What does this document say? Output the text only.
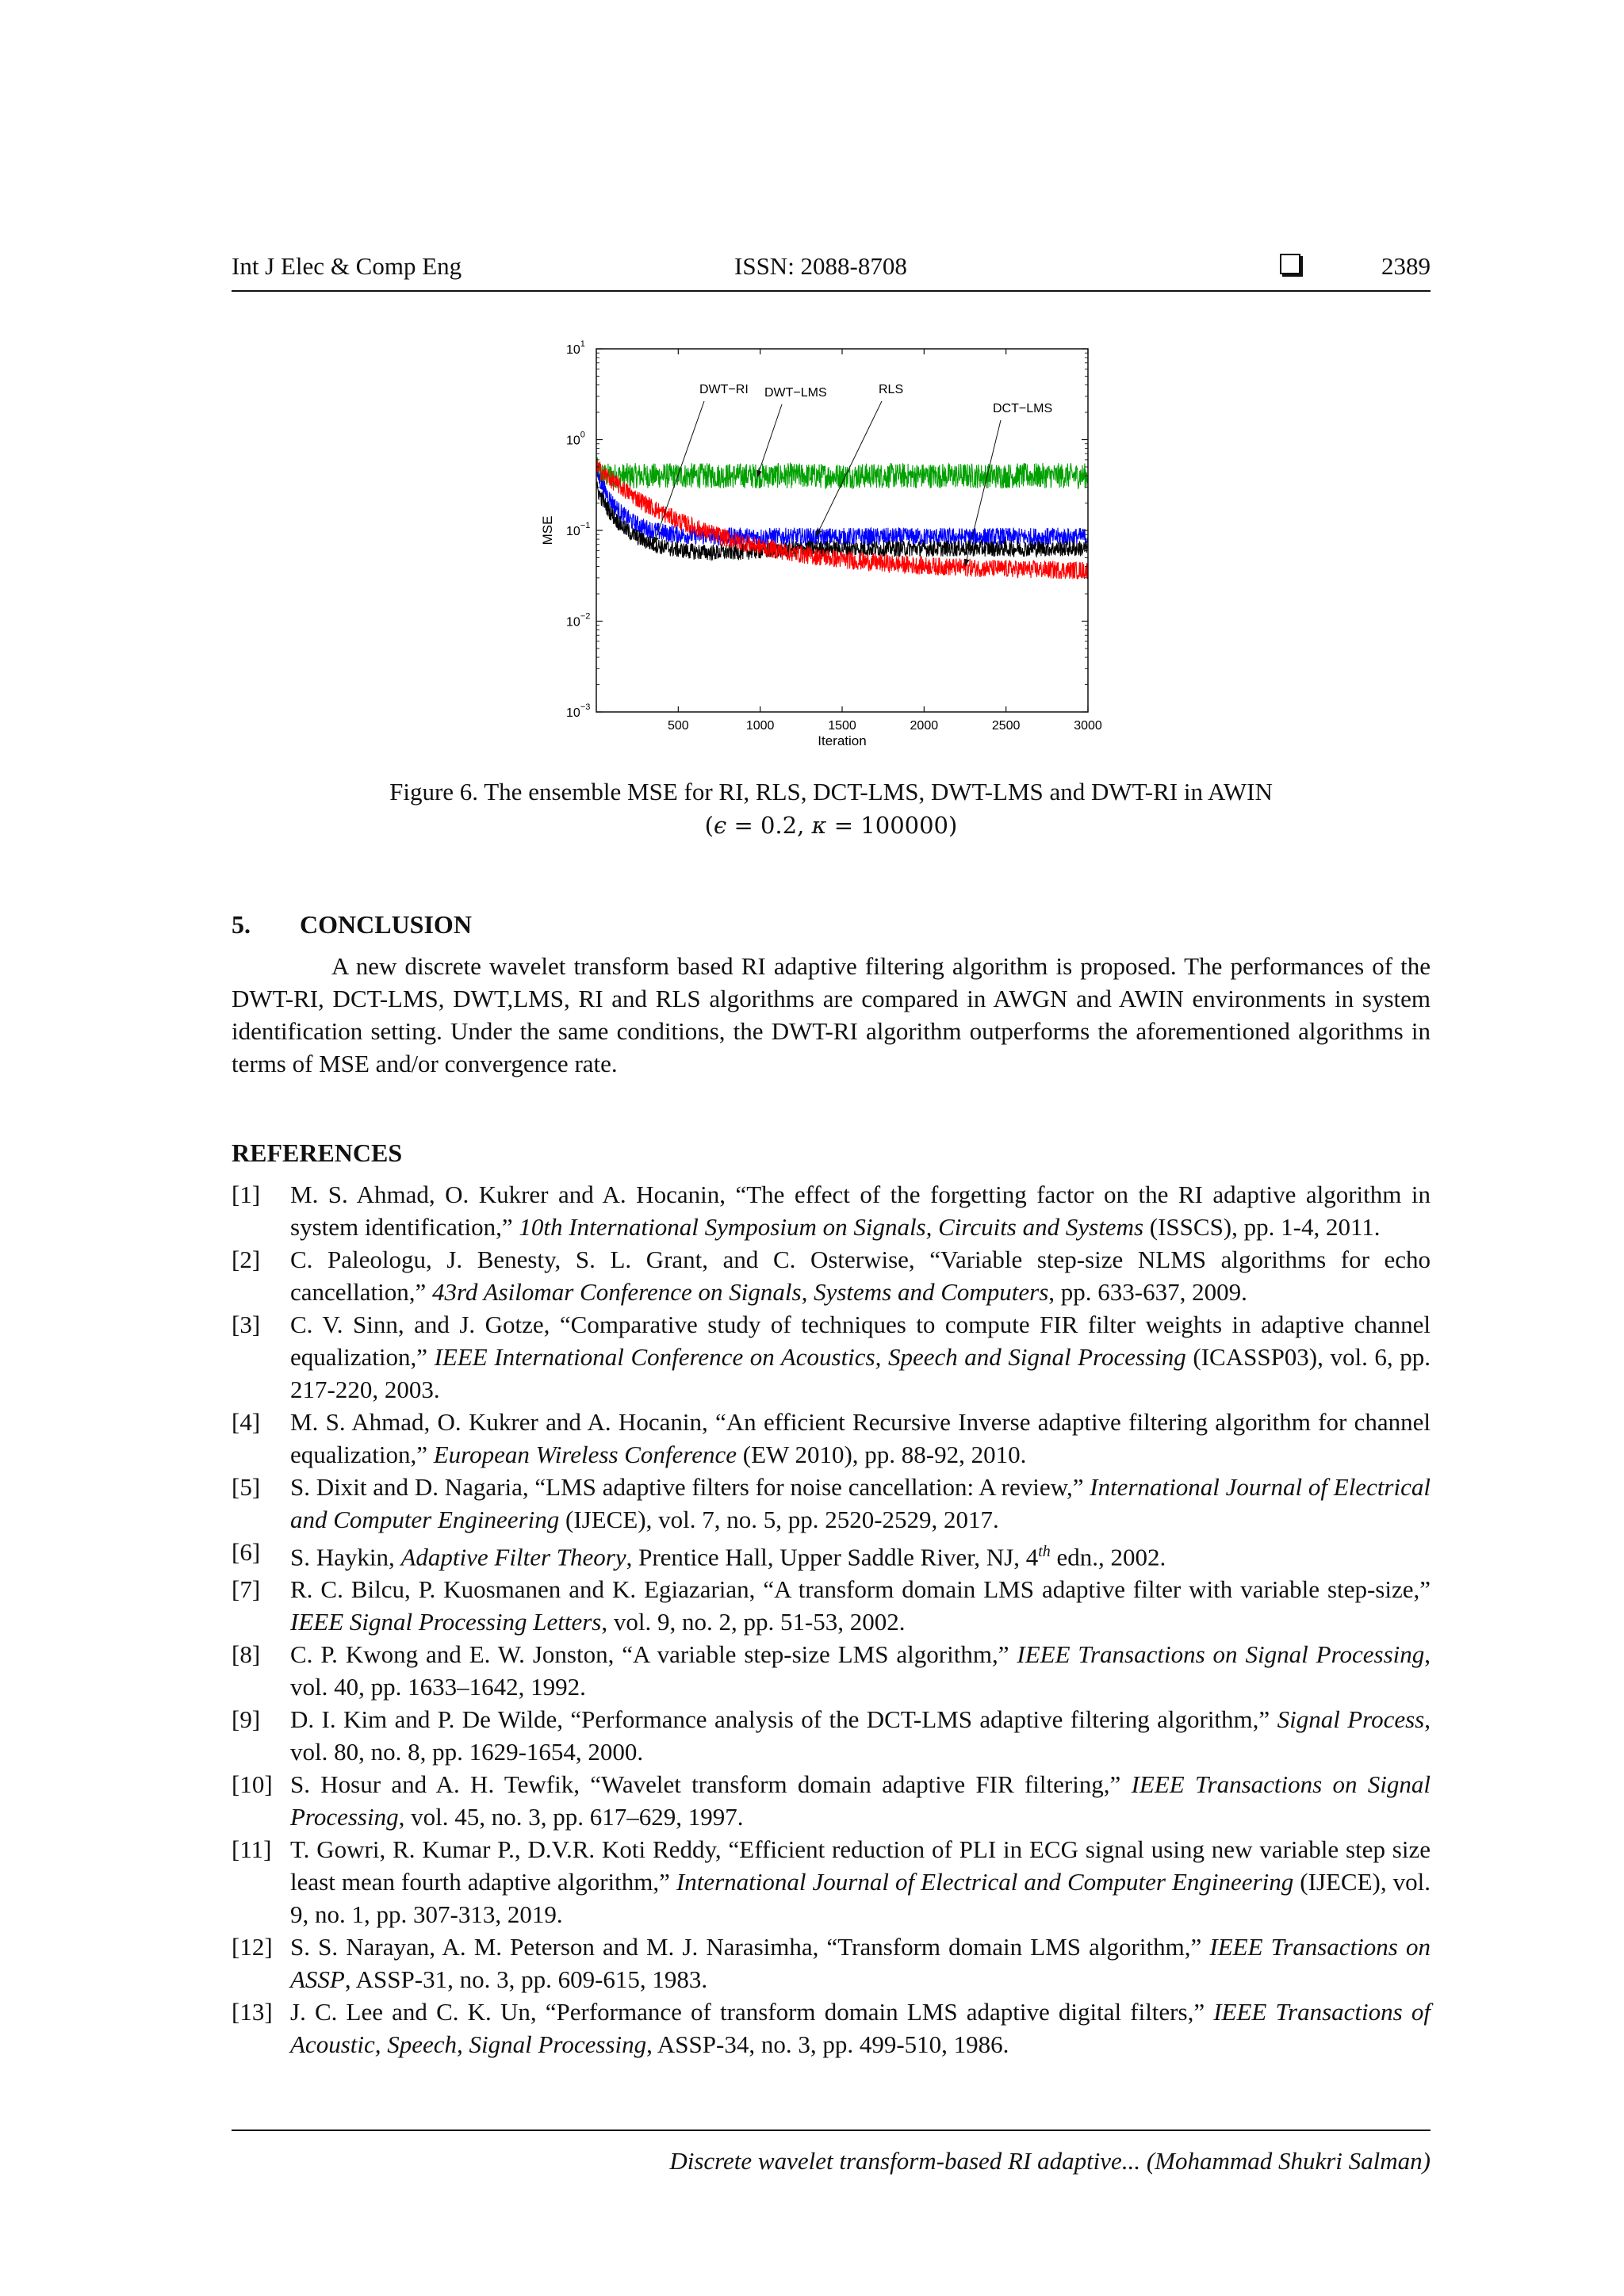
Int J Elec & Comp Eng	ISSN: 2088-8708	2389
500	1000	1500	2000	2500	3000
$10^{-3}$
$10^{-2}$
$10^{-1}$
$10^0$
$10^1$
DWT−RI DWT−LMS	RLS
DCT−LMS
MSE
Iteration
Figure 6. The ensemble MSE for RI, RLS, DCT-LMS, DWT-LMS and DWT-RI in AWIN
(ϵ = 0.2, κ = 100000)
5. CONCLUSION
A new discrete wavelet transform based RI adaptive filtering algorithm is proposed. The performances of the DWT-RI, DCT-LMS, DWT,LMS, RI and RLS algorithms are compared in AWGN and AWIN environments in system identification setting. Under the same conditions, the DWT-RI algorithm outperforms the aforementioned algorithms in terms of MSE and/or convergence rate.
REFERENCES
[1]	M. S. Ahmad, O. Kukrer and A. Hocanin, “The effect of the forgetting factor on the RI adaptive algorithm in system identification,” 10th International Symposium on Signals, Circuits and Systems (ISSCS), pp. 1-4, 2011.
[2]	C. Paleologu, J. Benesty, S. L. Grant, and C. Osterwise, “Variable step-size NLMS algorithms for echo cancellation,” 43rd Asilomar Conference on Signals, Systems and Computers, pp. 633-637, 2009.
[3]	C. V. Sinn, and J. Gotze, “Comparative study of techniques to compute FIR filter weights in adaptive channel equalization,” IEEE International Conference on Acoustics, Speech and Signal Processing (ICASSP03), vol. 6, pp. 217-220, 2003.
[4]	M. S. Ahmad, O. Kukrer and A. Hocanin, “An efficient Recursive Inverse adaptive filtering algorithm for channel equalization,” European Wireless Conference (EW 2010), pp. 88-92, 2010.
[5]	S. Dixit and D. Nagaria, “LMS adaptive filters for noise cancellation: A review,” International Journal of Electrical and Computer Engineering (IJECE), vol. 7, no. 5, pp. 2520-2529, 2017.
[6]	S. Haykin, Adaptive Filter Theory, Prentice Hall, Upper Saddle River, NJ, 4th edn., 2002.
[7]	R. C. Bilcu, P. Kuosmanen and K. Egiazarian, “A transform domain LMS adaptive filter with variable step-size,” IEEE Signal Processing Letters, vol. 9, no. 2, pp. 51-53, 2002.
[8]	C. P. Kwong and E. W. Jonston, “A variable step-size LMS algorithm,” IEEE Transactions on Signal Processing, vol. 40, pp. 1633–1642, 1992.
[9]	D. I. Kim and P. De Wilde, “Performance analysis of the DCT-LMS adaptive filtering algorithm,” Signal Process, vol. 80, no. 8, pp. 1629-1654, 2000.
[10] S. Hosur and A. H. Tewfik, “Wavelet transform domain adaptive FIR filtering,” IEEE Transactions on Signal Processing, vol. 45, no. 3, pp. 617–629, 1997.
[11] T. Gowri, R. Kumar P., D.V.R. Koti Reddy, “Efficient reduction of PLI in ECG signal using new variable step size least mean fourth adaptive algorithm,” International Journal of Electrical and Computer Engineering (IJECE), vol. 9, no. 1, pp. 307-313, 2019.
[12] S. S. Narayan, A. M. Peterson and M. J. Narasimha, “Transform domain LMS algorithm,” IEEE Transactions on ASSP, ASSP-31, no. 3, pp. 609-615, 1983.
[13] J. C. Lee and C. K. Un, “Performance of transform domain LMS adaptive digital filters,” IEEE Transactions of Acoustic, Speech, Signal Processing, ASSP-34, no. 3, pp. 499-510, 1986.
Discrete wavelet transform-based RI adaptive... (Mohammad Shukri Salman)
